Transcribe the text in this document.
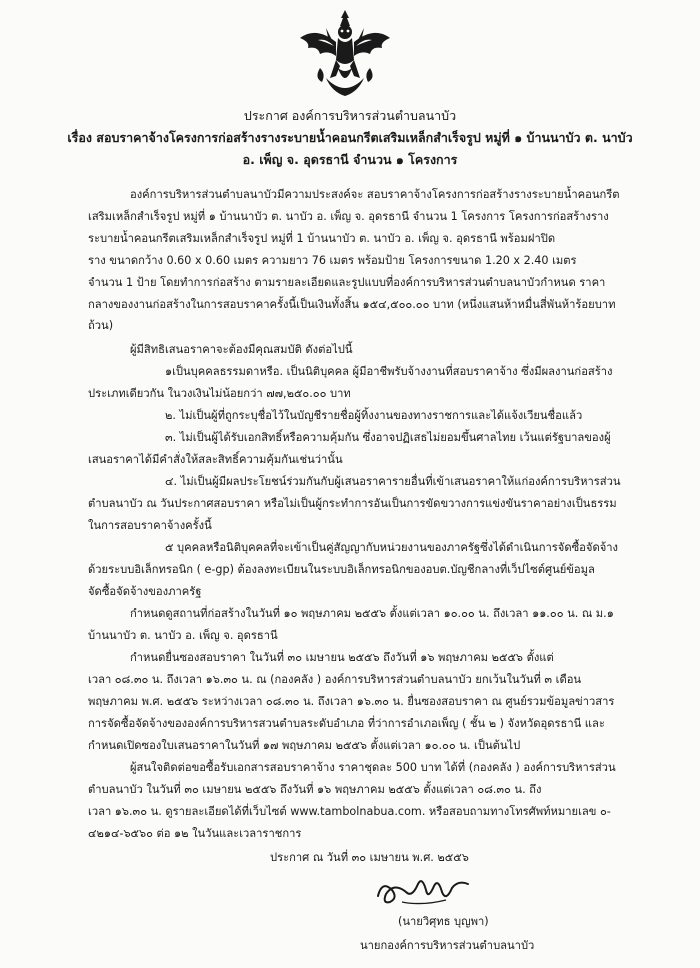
ประกาศ องค์การบริหารส่วนตำบลนาบัว
เรื่อง สอบราคาจ้างโครงการก่อสร้างรางระบายน้ำคอนกรีตเสริมเหล็กสำเร็จรูป หมู่ที่ ๑ บ้านนาบัว ต. นาบัว
อ. เพ็ญ จ. อุดรธานี จำนวน ๑ โครงการ
องค์การบริหารส่วนตำบลนาบัวมีความประสงค์จะ สอบราคาจ้างโครงการก่อสร้างรางระบายน้ำคอนกรีต
เสริมเหล็กสำเร็จรูป หมู่ที่ ๑ บ้านนาบัว ต. นาบัว อ. เพ็ญ จ. อุดรธานี จำนวน 1 โครงการ โครงการก่อสร้างราง
ระบายน้ำคอนกรีตเสริมเหล็กสำเร็จรูป หมู่ที่ 1 บ้านนาบัว ต. นาบัว อ. เพ็ญ จ. อุดรธานี พร้อมฝาปิด
ราง ขนาดกว้าง 0.60 x 0.60 เมตร ความยาว 76 เมตร พร้อมป้าย โครงการขนาด 1.20 x 2.40 เมตร
จำนวน 1 ป้าย โดยทำการก่อสร้าง ตามรายละเอียดและรูปแบบที่องค์การบริหารส่วนตำบลนาบัวกำหนด ราคา
กลางของงานก่อสร้างในการสอบราคาครั้งนี้เป็นเงินทั้งสิ้น ๑๕๔,๕๐๐.๐๐ บาท (หนึ่งแสนห้าหมื่นสี่พันห้าร้อยบาท
ถ้วน)
ผู้มีสิทธิเสนอราคาจะต้องมีคุณสมบัติ ดังต่อไปนี้
๑เป็นบุคคลธรรมดาหรือ. เป็นนิติบุคคล ผู้มีอาชีพรับจ้างงานที่สอบราคาจ้าง ซึ่งมีผลงานก่อสร้าง
ประเภทเดียวกัน ในวงเงินไม่น้อยกว่า ๗๗,๒๕๐.๐๐ บาท
๒. ไม่เป็นผู้ที่ถูกระบุชื่อไว้ในบัญชีรายชื่อผู้ทิ้งงานของทางราชการและได้แจ้งเวียนชื่อแล้ว
๓. ไม่เป็นผู้ได้รับเอกสิทธิ์หรือความคุ้มกัน ซึ่งอาจปฏิเสธไม่ยอมขึ้นศาลไทย เว้นแต่รัฐบาลของผู้
เสนอราคาได้มีคำสั่งให้สละสิทธิ์ความคุ้มกันเช่นว่านั้น
๔. ไม่เป็นผู้มีผลประโยชน์ร่วมกันกับผู้เสนอราคารายอื่นที่เข้าเสนอราคาให้แก่องค์การบริหารส่วน
ตำบลนาบัว ณ วันประกาศสอบราคา หรือไม่เป็นผู้กระทำการอันเป็นการขัดขวางการแข่งขันราคาอย่างเป็นธรรม
ในการสอบราคาจ้างครั้งนี้
๕ บุคคลหรือนิติบุคคลที่จะเข้าเป็นคู่สัญญากับหน่วยงานของภาครัฐซึ่งได้ดำเนินการจัดซื้อจัดจ้าง
ด้วยระบบอิเล็กทรอนิก ( e-gp) ต้องลงทะเบียนในระบบอิเล็กทรอนิกของอบต.บัญชีกลางที่เว็ปไซต์ศูนย์ข้อมูล
จัดซื้อจัดจ้างของภาครัฐ
กำหนดดูสถานที่ก่อสร้างในวันที่ ๑๐ พฤษภาคม ๒๕๕๖ ตั้งแต่เวลา ๑๐.๐๐ น. ถึงเวลา ๑๑.๐๐ น. ณ ม.๑
บ้านนาบัว ต. นาบัว อ. เพ็ญ จ. อุดรธานี
กำหนดยื่นซองสอบราคา ในวันที่ ๓๐ เมษายน ๒๕๕๖ ถึงวันที่ ๑๖ พฤษภาคม ๒๕๕๖ ตั้งแต่
เวลา ๐๘.๓๐ น. ถึงเวลา ๑๖.๓๐ น. ณ (กองคลัง ) องค์การบริหารส่วนตำบลนาบัว ยกเว้นในวันที่ ๓ เดือน
พฤษภาคม พ.ศ. ๒๕๕๖ ระหว่างเวลา ๐๘.๓๐ น. ถึงเวลา ๑๖.๓๐ น. ยื่นซองสอบราคา ณ ศูนย์รวมข้อมูลข่าวสาร
การจัดซื้อจัดจ้างขององค์การบริหารสวนตำบลระดับอำเภอ ที่ว่าการอำเภอเพ็ญ ( ชั้น ๒ ) จังหวัดอุดรธานี และ
กำหนดเปิดซองใบเสนอราคาในวันที่ ๑๗ พฤษภาคม ๒๕๕๖ ตั้งแต่เวลา ๑๐.๐๐ น. เป็นต้นไป
ผู้สนใจติดต่อขอซื้อรับเอกสารสอบราคาจ้าง ราคาชุดละ 500 บาท ได้ที่ (กองคลัง ) องค์การบริหารส่วน
ตำบลนาบัว ในวันที่ ๓๐ เมษายน ๒๕๕๖ ถึงวันที่ ๑๖ พฤษภาคม ๒๕๕๖ ตั้งแต่เวลา ๐๘.๓๐ น. ถึง
เวลา ๑๖.๓๐ น. ดูรายละเอียดได้ที่เว็บไซต์ www.tambolnabua.com. หรือสอบถามทางโทรศัพท์หมายเลข ๐-
๔๒๑๔-๖๕๖๐ ต่อ ๑๒ ในวันและเวลาราชการ
ประกาศ ณ วันที่ ๓๐ เมษายน พ.ศ. ๒๕๕๖
(นายวิศุทธ บุญพา)
นายกองค์การบริหารส่วนตำบลนาบัว
